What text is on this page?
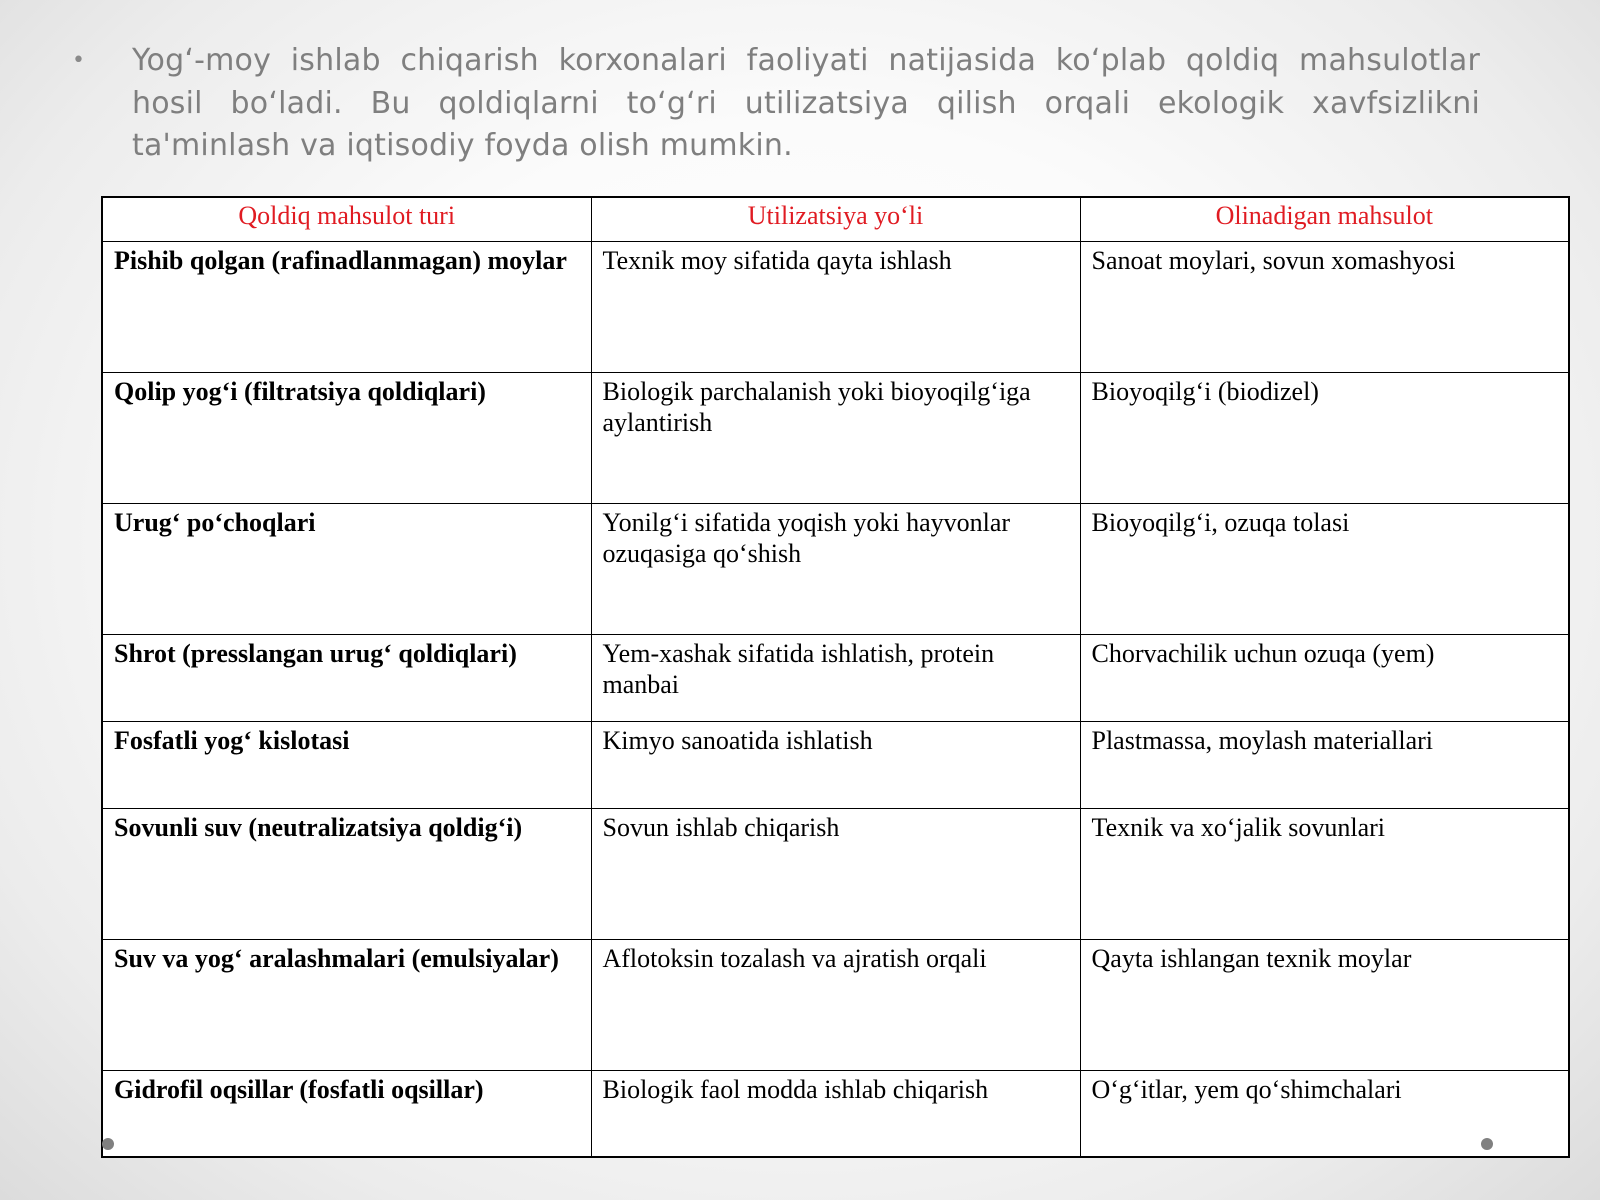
•	Yog‘-moy ishlab chiqarish korxonalari faoliyati natijasida ko‘plab qoldiq mahsulotlar hosil bo‘ladi. Bu qoldiqlarni to‘g‘ri utilizatsiya qilish orqali ekologik xavfsizlikni ta'minlash va iqtisodiy foyda olish mumkin.
Qoldiq mahsulot turi	Utilizatsiya yo‘li	Olinadigan mahsulot
Pishib qolgan (rafinadlanmagan) moylar	Texnik moy sifatida qayta ishlash	Sanoat moylari, sovun xomashyosi
Qolip yog‘i (filtratsiya qoldiqlari)	Biologik parchalanish yoki bioyoqilg‘iga aylantirish	Bioyoqilg‘i (biodizel)
Urug‘ po‘choqlari	Yonilg‘i sifatida yoqish yoki hayvonlar ozuqasiga qo‘shish	Bioyoqilg‘i, ozuqa tolasi
Shrot (presslangan urug‘ qoldiqlari)	Yem-xashak sifatida ishlatish, protein manbai	Chorvachilik uchun ozuqa (yem)
Fosfatli yog‘ kislotasi	Kimyo sanoatida ishlatish	Plastmassa, moylash materiallari
Sovunli suv (neutralizatsiya qoldig‘i)	Sovun ishlab chiqarish	Texnik va xo‘jalik sovunlari
Suv va yog‘ aralashmalari (emulsiyalar)	Aflotoksin tozalash va ajratish orqali	Qayta ishlangan texnik moylar
Gidrofil oqsillar (fosfatli oqsillar)	Biologik faol modda ishlab chiqarish	O‘g‘itlar, yem qo‘shimchalari
